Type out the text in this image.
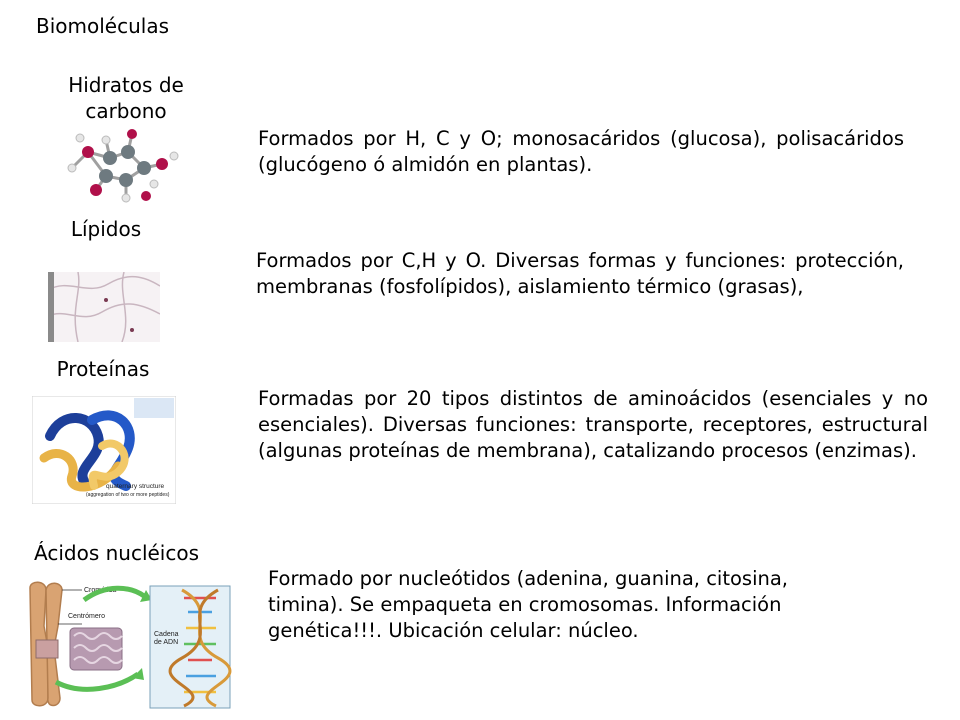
Biomoléculas
Hidratos de carbono
Formados por H, C y O; monosacáridos (glucosa), polisacáridos (glucógeno ó almidón en plantas).
Lípidos
Formados por C,H y O. Diversas formas y funciones: protección, membranas (fosfolípidos), aislamiento térmico (grasas),
Proteínas
quaternary structure
(aggregation of two or more peptides)
Formadas por 20 tipos distintos de aminoácidos (esenciales y no esenciales). Diversas funciones: transporte, receptores, estructural (algunas proteínas de membrana), catalizando procesos (enzimas).
Ácidos nucléicos
Cromátida
Centrómero
Cadena
de ADN
Formado por nucleótidos (adenina, guanina, citosina, timina). Se empaqueta en cromosomas. Información genética!!!. Ubicación celular: núcleo.
